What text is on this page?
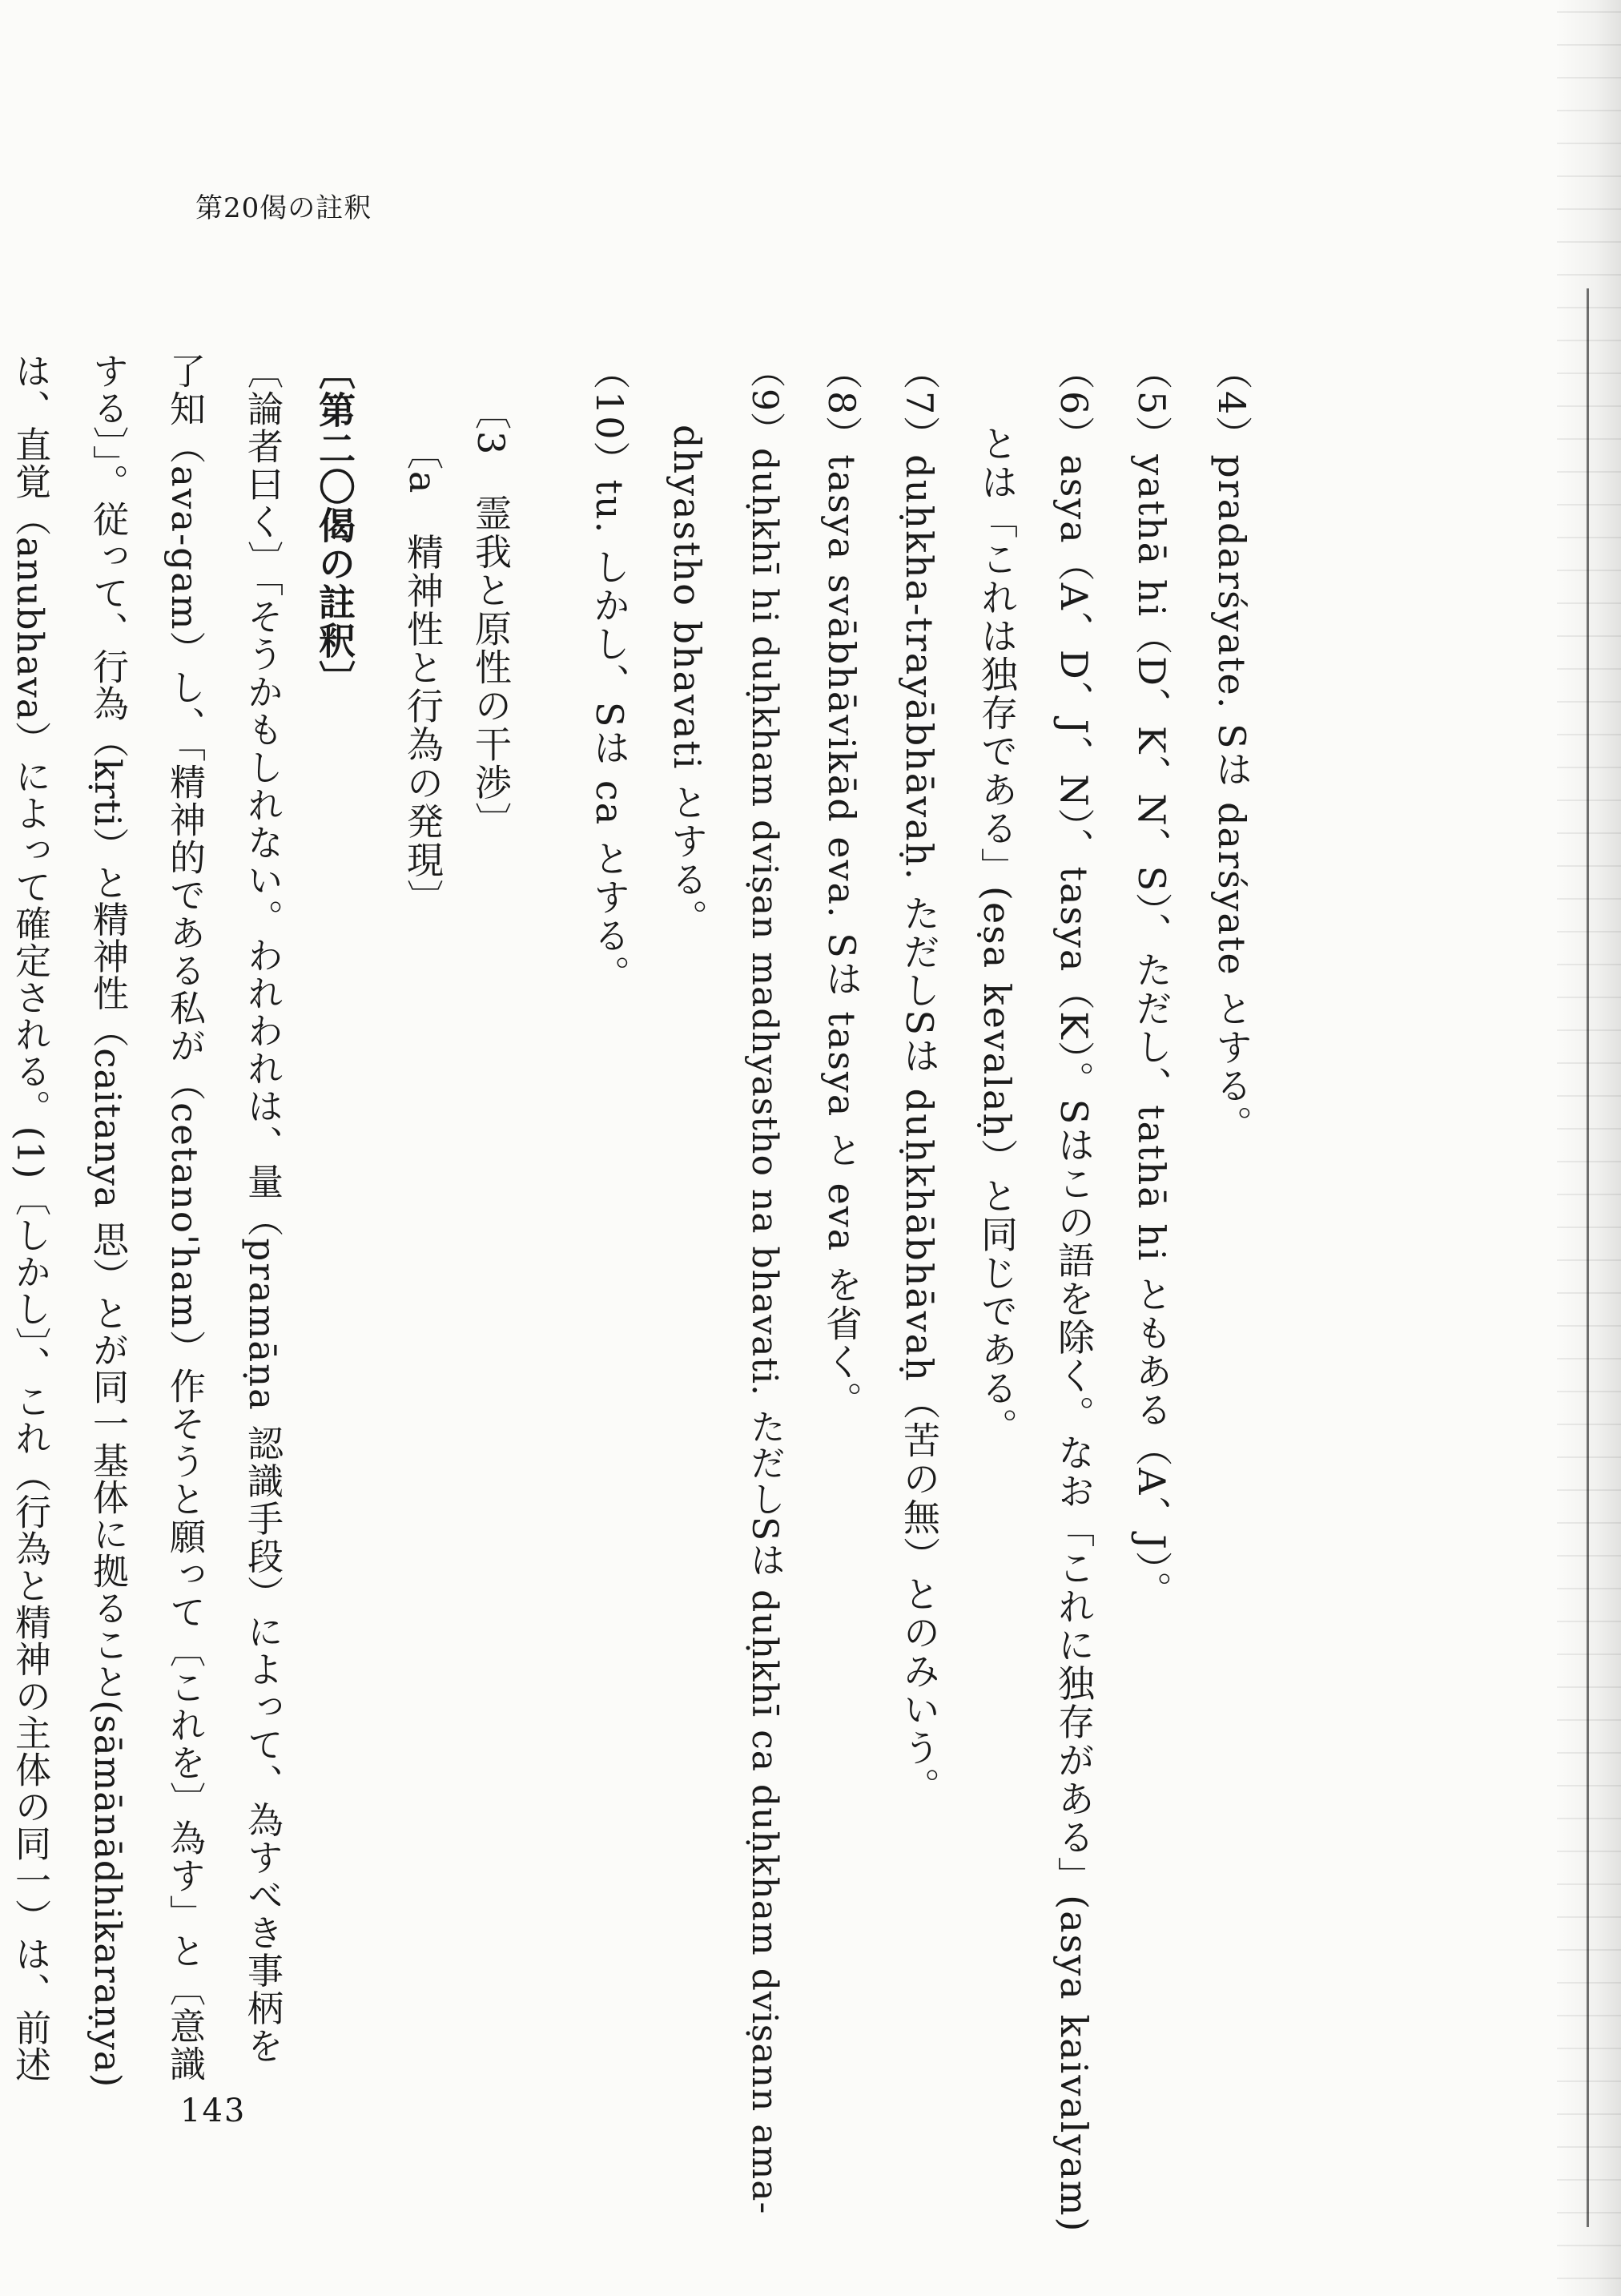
第20偈の註釈
（4）pradarśyate. Sは darśyate とする。
（5）yathā hi（D、K、N、S）、ただし、tathā hi ともある（A、J）。
（6）asya（A、D、J、N）、tasya（K）。Sはこの語を除く。なお「これに独存がある」(asya kaivalyam)
とは「これは独存である」(eṣa kevalaḥ）と同じである。
（7）duḥkha-trayābhāvaḥ. ただしSは duḥkhābhāvaḥ（苦の無）とのみいう。
（8）tasya svābhāvikād eva. Sは tasya と eva を省く。
（9）duḥkhī hi duḥkham dviṣan madhyastho na bhavati. ただしSは duḥkhī ca duḥkham dviṣann ama-
dhyastho bhavati とする。
（10）tu. しかし、Sは ca とする。
〔3　霊我と原性の干渉〕
〔a　精神性と行為の発現〕
〔第二〇偈の註釈〕
〔論者曰く〕「そうかもしれない。われわれは、量（pramāṇa 認識手段）によって、為すべき事柄を
了知（ava-gam）し、「精神的である私が（cetano'ham）作そうと願って〔これを〕為す」と〔意識
する〕」。従って、行為（kṛti）と精神性（caitanya 思）とが同一基体に拠ること(sāmānādhikaraṇya)
は、直覚（anubhava）によって確定される。(1)〔しかし〕、これ（行為と精神の主体の同一）は、前述
143
